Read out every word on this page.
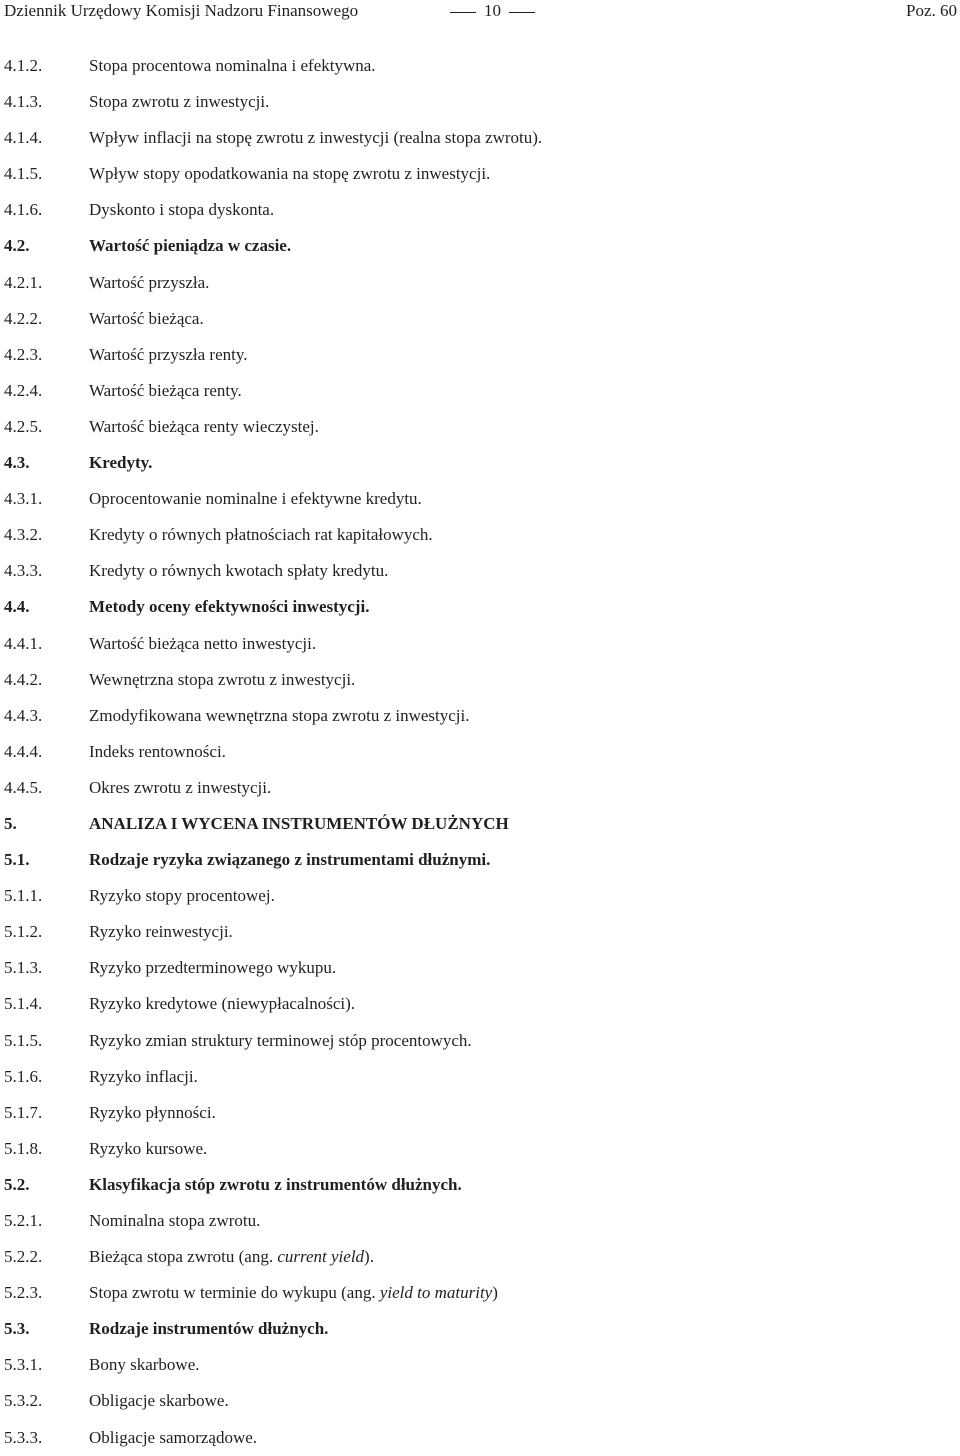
Dziennik Urzędowy Komisji Nadzoru Finansowego	10	Poz. 60
4.1.2.	Stopa procentowa nominalna i efektywna.
4.1.3.	Stopa zwrotu z inwestycji.
4.1.4.	Wpływ inflacji na stopę zwrotu z inwestycji (realna stopa zwrotu).
4.1.5.	Wpływ stopy opodatkowania na stopę zwrotu z inwestycji.
4.1.6.	Dyskonto i stopa dyskonta.
4.2.	Wartość pieniądza w czasie.
4.2.1.	Wartość przyszła.
4.2.2.	Wartość bieżąca.
4.2.3.	Wartość przyszła renty.
4.2.4.	Wartość bieżąca renty.
4.2.5.	Wartość bieżąca renty wieczystej.
4.3.	Kredyty.
4.3.1.	Oprocentowanie nominalne i efektywne kredytu.
4.3.2.	Kredyty o równych płatnościach rat kapitałowych.
4.3.3.	Kredyty o równych kwotach spłaty kredytu.
4.4.	Metody oceny efektywności inwestycji.
4.4.1.	Wartość bieżąca netto inwestycji.
4.4.2.	Wewnętrzna stopa zwrotu z inwestycji.
4.4.3.	Zmodyfikowana wewnętrzna stopa zwrotu z inwestycji.
4.4.4.	Indeks rentowności.
4.4.5.	Okres zwrotu z inwestycji.
5.	ANALIZA I WYCENA INSTRUMENTÓW DŁUŻNYCH
5.1.	Rodzaje ryzyka związanego z instrumentami dłużnymi.
5.1.1.	Ryzyko stopy procentowej.
5.1.2.	Ryzyko reinwestycji.
5.1.3.	Ryzyko przedterminowego wykupu.
5.1.4.	Ryzyko kredytowe (niewypłacalności).
5.1.5.	Ryzyko zmian struktury terminowej stóp procentowych.
5.1.6.	Ryzyko inflacji.
5.1.7.	Ryzyko płynności.
5.1.8.	Ryzyko kursowe.
5.2.	Klasyfikacja stóp zwrotu z instrumentów dłużnych.
5.2.1.	Nominalna stopa zwrotu.
5.2.2.	Bieżąca stopa zwrotu (ang. current yield).
5.2.3.	Stopa zwrotu w terminie do wykupu (ang. yield to maturity)
5.3.	Rodzaje instrumentów dłużnych.
5.3.1.	Bony skarbowe.
5.3.2.	Obligacje skarbowe.
5.3.3.	Obligacje samorządowe.
